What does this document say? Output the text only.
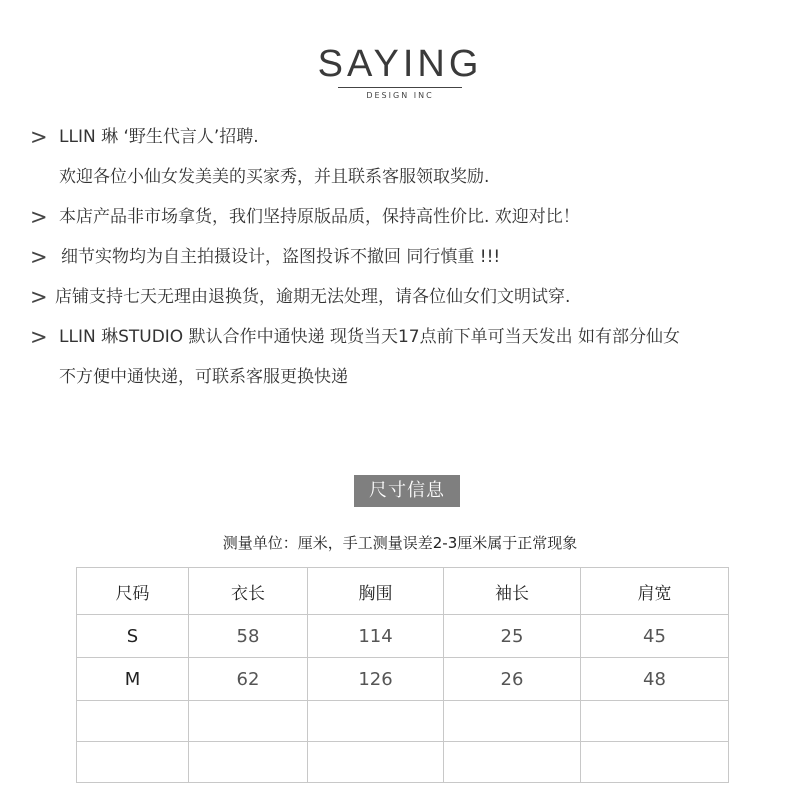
SAYING
DESIGN INC
> LLIN 琳 ‘野生代言人’招聘.
欢迎各位小仙女发美美的买家秀，并且联系客服领取奖励.
> 本店产品非市场拿货，我们坚持原版品质，保持高性价比. 欢迎对比！
> 细节实物均为自主拍摄设计，盗图投诉不撤回 同行慎重 !!!
> 店铺支持七天无理由退换货，逾期无法处理，请各位仙女们文明试穿.
> LLIN 琳STUDIO 默认合作中通快递 现货当天17点前下单可当天发出 如有部分仙女
不方便中通快递，可联系客服更换快递
尺寸信息
测量单位：厘米，手工测量误差2-3厘米属于正常现象
尺码	衣长	胸围	袖长	肩宽
S	58	114	25	45
M	62	126	26	48
